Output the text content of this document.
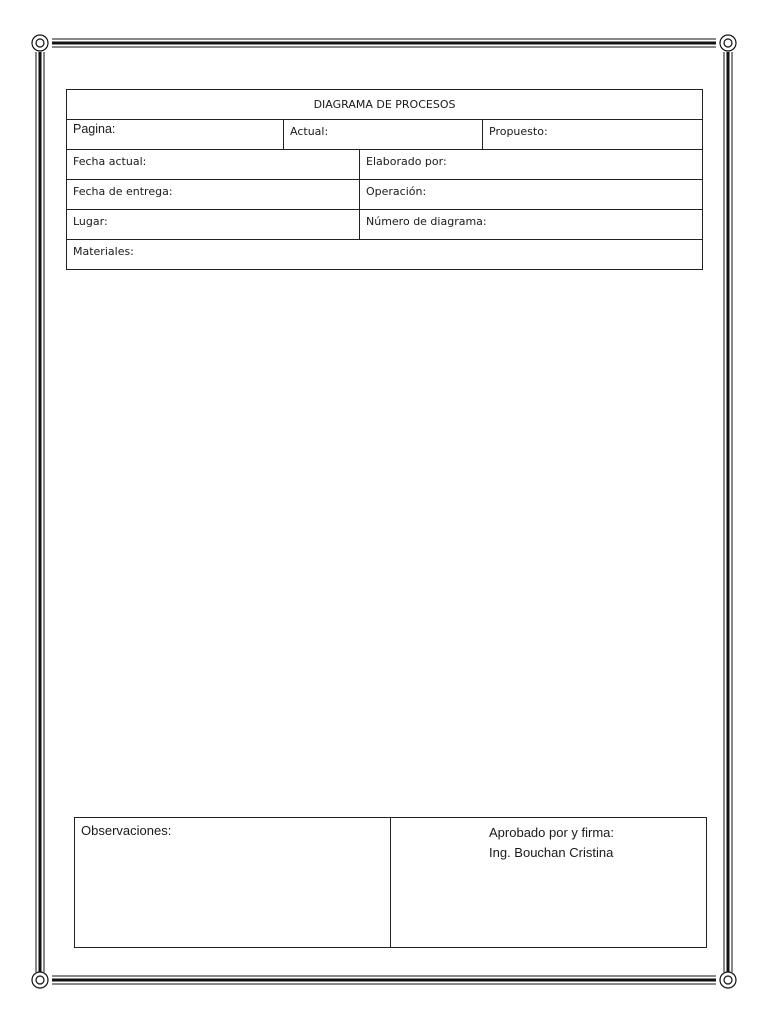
DIAGRAMA DE PROCESOS			
Pagina:	Actual:		Propuesto:
Fecha actual:		Elaborado por:	
Fecha de entrega:		Operación:	
Lugar:		Número de diagrama:	
Materiales:			
Observaciones:	Aprobado por y firma:
Ing. Bouchan Cristina
